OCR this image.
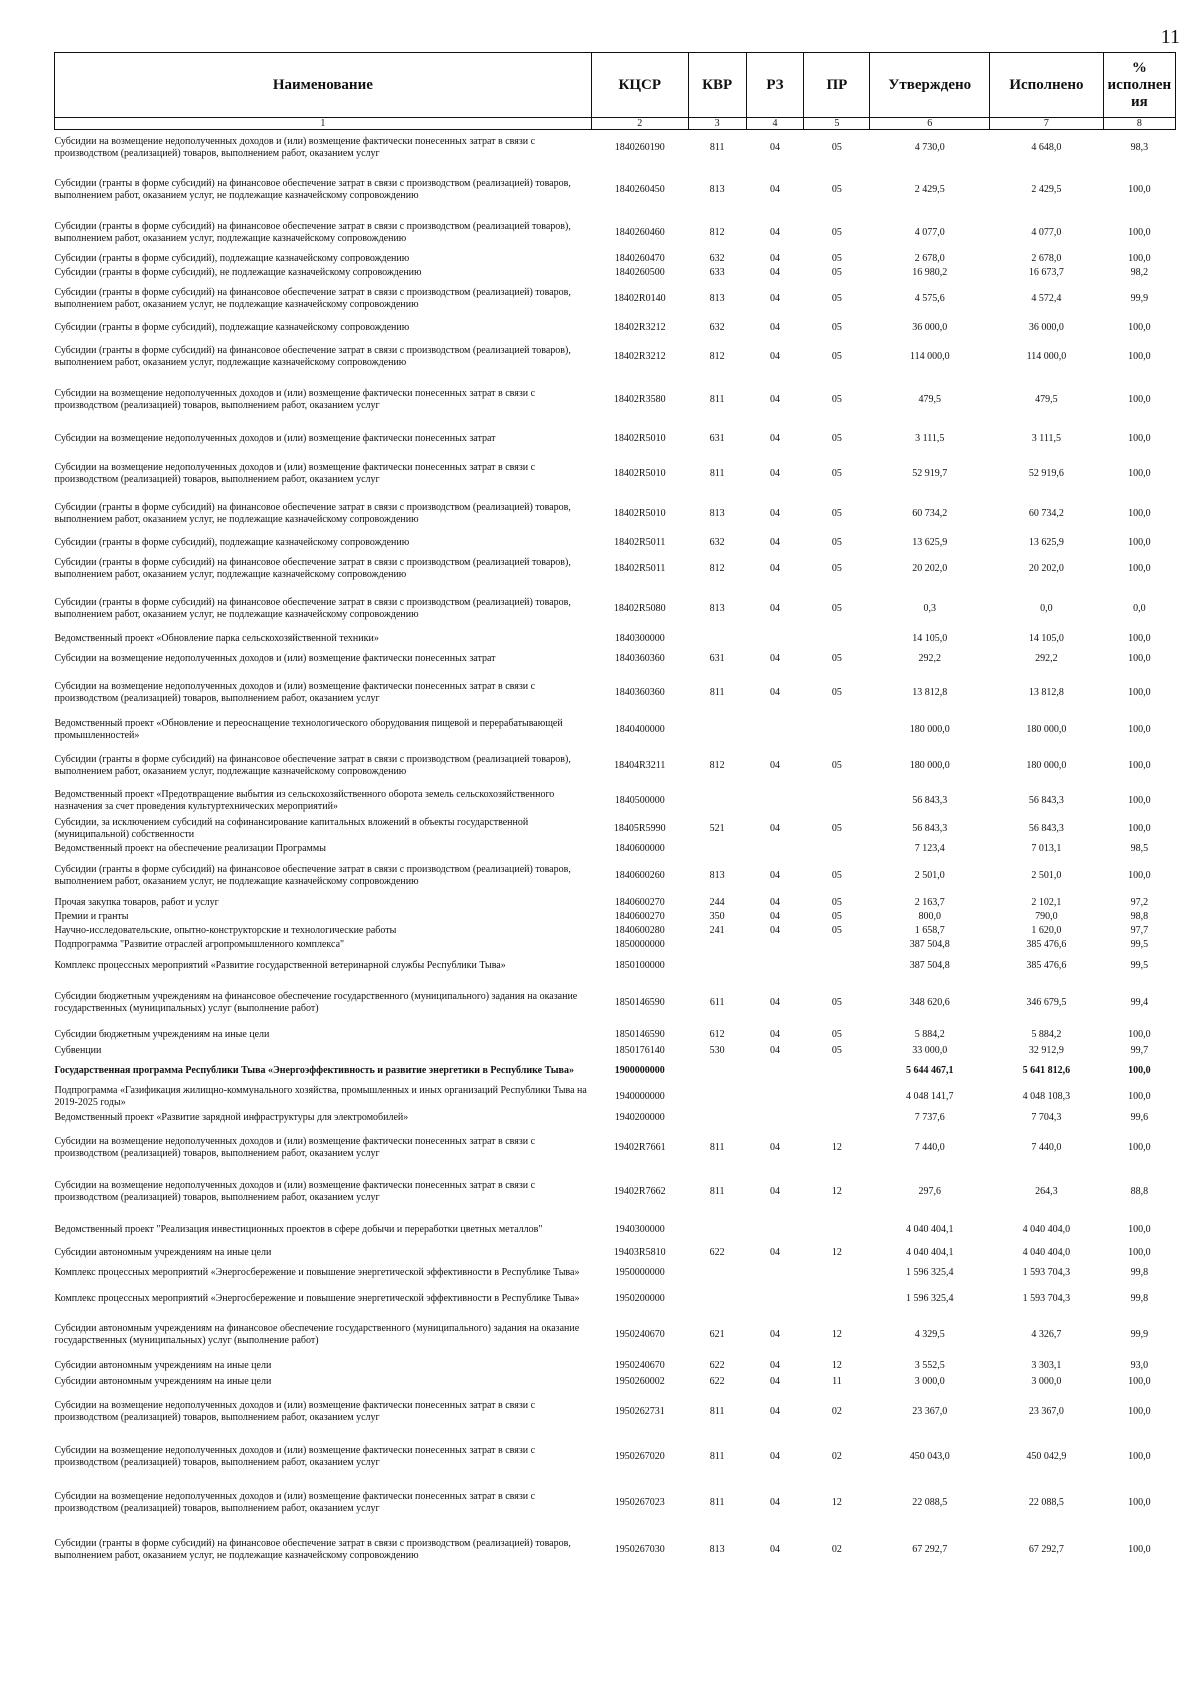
11
Наименование	КЦСР	КВР	РЗ	ПР	Утверждено	Исполнено	%
исполнен
ия
1	2	3	4	5	6	7	8
Субсидии на возмещение недополученных доходов и (или) возмещение фактически понесенных затрат в связи с производством (реализацией) товаров, выполнением работ, оказанием услуг	1840260190	811	04	05	4 730,0	4 648,0	98,3
Субсидии (гранты в форме субсидий) на финансовое обеспечение затрат в связи с производством (реализацией) товаров, выполнением работ, оказанием услуг, не подлежащие казначейскому сопровождению	1840260450	813	04	05	2 429,5	2 429,5	100,0
Субсидии (гранты в форме субсидий) на финансовое обеспечение затрат в связи с производством (реализацией товаров), выполнением работ, оказанием услуг, подлежащие казначейскому сопровождению	1840260460	812	04	05	4 077,0	4 077,0	100,0
Субсидии (гранты в форме субсидий), подлежащие казначейскому сопровождению	1840260470	632	04	05	2 678,0	2 678,0	100,0
Субсидии (гранты в форме субсидий), не подлежащие казначейскому сопровождению	1840260500	633	04	05	16 980,2	16 673,7	98,2
Субсидии (гранты в форме субсидий) на финансовое обеспечение затрат в связи с производством (реализацией) товаров, выполнением работ, оказанием услуг, не подлежащие казначейскому сопровождению	18402R0140	813	04	05	4 575,6	4 572,4	99,9
Субсидии (гранты в форме субсидий), подлежащие казначейскому сопровождению	18402R3212	632	04	05	36 000,0	36 000,0	100,0
Субсидии (гранты в форме субсидий) на финансовое обеспечение затрат в связи с производством (реализацией товаров), выполнением работ, оказанием услуг, подлежащие казначейскому сопровождению	18402R3212	812	04	05	114 000,0	114 000,0	100,0
Субсидии на возмещение недополученных доходов и (или) возмещение фактически понесенных затрат в связи с производством (реализацией) товаров, выполнением работ, оказанием услуг	18402R3580	811	04	05	479,5	479,5	100,0
Субсидии на возмещение недополученных доходов и (или) возмещение фактически понесенных затрат	18402R5010	631	04	05	3 111,5	3 111,5	100,0
Субсидии на возмещение недополученных доходов и (или) возмещение фактически понесенных затрат в связи с производством (реализацией) товаров, выполнением работ, оказанием услуг	18402R5010	811	04	05	52 919,7	52 919,6	100,0
Субсидии (гранты в форме субсидий) на финансовое обеспечение затрат в связи с производством (реализацией) товаров, выполнением работ, оказанием услуг, не подлежащие казначейскому сопровождению	18402R5010	813	04	05	60 734,2	60 734,2	100,0
Субсидии (гранты в форме субсидий), подлежащие казначейскому сопровождению	18402R5011	632	04	05	13 625,9	13 625,9	100,0
Субсидии (гранты в форме субсидий) на финансовое обеспечение затрат в связи с производством (реализацией товаров), выполнением работ, оказанием услуг, подлежащие казначейскому сопровождению	18402R5011	812	04	05	20 202,0	20 202,0	100,0
Субсидии (гранты в форме субсидий) на финансовое обеспечение затрат в связи с производством (реализацией) товаров, выполнением работ, оказанием услуг, не подлежащие казначейскому сопровождению	18402R5080	813	04	05	0,3	0,0	0,0
Ведомственный проект «Обновление парка сельскохозяйственной техники»	1840300000				14 105,0	14 105,0	100,0
Субсидии на возмещение недополученных доходов и (или) возмещение фактически понесенных затрат	1840360360	631	04	05	292,2	292,2	100,0
Субсидии на возмещение недополученных доходов и (или) возмещение фактически понесенных затрат в связи с производством (реализацией) товаров, выполнением работ, оказанием услуг	1840360360	811	04	05	13 812,8	13 812,8	100,0
Ведомственный проект «Обновление и переоснащение технологического оборудования пищевой и перерабатывающей промышленностей»	1840400000				180 000,0	180 000,0	100,0
Субсидии (гранты в форме субсидий) на финансовое обеспечение затрат в связи с производством (реализацией товаров), выполнением работ, оказанием услуг, подлежащие казначейскому сопровождению	18404R3211	812	04	05	180 000,0	180 000,0	100,0
Ведомственный проект «Предотвращение выбытия из сельскохозяйственного оборота земель сельскохозяйственного назначения за счет проведения культуртехнических мероприятий»	1840500000				56 843,3	56 843,3	100,0
Субсидии, за исключением субсидий на софинансирование капитальных вложений в объекты государственной (муниципальной) собственности	18405R5990	521	04	05	56 843,3	56 843,3	100,0
Ведомственный проект на обеспечение реализации Программы	1840600000				7 123,4	7 013,1	98,5
Субсидии (гранты в форме субсидий) на финансовое обеспечение затрат в связи с производством (реализацией) товаров, выполнением работ, оказанием услуг, не подлежащие казначейскому сопровождению	1840600260	813	04	05	2 501,0	2 501,0	100,0
Прочая закупка товаров, работ и услуг	1840600270	244	04	05	2 163,7	2 102,1	97,2
Премии и гранты	1840600270	350	04	05	800,0	790,0	98,8
Научно-исследовательские, опытно-конструкторские и технологические работы	1840600280	241	04	05	1 658,7	1 620,0	97,7
Подпрограмма "Развитие отраслей агропромышленного комплекса"	1850000000				387 504,8	385 476,6	99,5
Комплекс процессных мероприятий «Развитие государственной ветеринарной службы Республики Тыва»	1850100000				387 504,8	385 476,6	99,5
Субсидии бюджетным учреждениям на финансовое обеспечение государственного (муниципального) задания на оказание государственных (муниципальных) услуг (выполнение работ)	1850146590	611	04	05	348 620,6	346 679,5	99,4
Субсидии бюджетным учреждениям на иные цели	1850146590	612	04	05	5 884,2	5 884,2	100,0
Субвенции	1850176140	530	04	05	33 000,0	32 912,9	99,7
Государственная программа Республики Тыва «Энергоэффективность и развитие энергетики в Республике Тыва»	1900000000				5 644 467,1	5 641 812,6	100,0
Подпрограмма «Газификация жилищно-коммунального хозяйства, промышленных и иных организаций Республики Тыва на 2019-2025 годы»	1940000000				4 048 141,7	4 048 108,3	100,0
Ведомственный проект «Развитие зарядной инфраструктуры для электромобилей»	1940200000				7 737,6	7 704,3	99,6
Субсидии на возмещение недополученных доходов и (или) возмещение фактически понесенных затрат в связи с производством (реализацией) товаров, выполнением работ, оказанием услуг	19402R7661	811	04	12	7 440,0	7 440,0	100,0
Субсидии на возмещение недополученных доходов и (или) возмещение фактически понесенных затрат в связи с производством (реализацией) товаров, выполнением работ, оказанием услуг	19402R7662	811	04	12	297,6	264,3	88,8
Ведомственный проект "Реализация инвестиционных проектов в сфере добычи и переработки цветных металлов"	1940300000				4 040 404,1	4 040 404,0	100,0
Субсидии автономным учреждениям на иные цели	19403R5810	622	04	12	4 040 404,1	4 040 404,0	100,0
Комплекс процессных мероприятий «Энергосбережение и повышение энергетической эффективности в Республике Тыва»	1950000000				1 596 325,4	1 593 704,3	99,8
Комплекс процессных мероприятий «Энергосбережение и повышение энергетической эффективности в Республике Тыва»	1950200000				1 596 325,4	1 593 704,3	99,8
Субсидии автономным учреждениям на финансовое обеспечение государственного (муниципального) задания на оказание государственных (муниципальных) услуг (выполнение работ)	1950240670	621	04	12	4 329,5	4 326,7	99,9
Субсидии автономным учреждениям на иные цели	1950240670	622	04	12	3 552,5	3 303,1	93,0
Субсидии автономным учреждениям на иные цели	1950260002	622	04	11	3 000,0	3 000,0	100,0
Субсидии на возмещение недополученных доходов и (или) возмещение фактически понесенных затрат в связи с производством (реализацией) товаров, выполнением работ, оказанием услуг	1950262731	811	04	02	23 367,0	23 367,0	100,0
Субсидии на возмещение недополученных доходов и (или) возмещение фактически понесенных затрат в связи с производством (реализацией) товаров, выполнением работ, оказанием услуг	1950267020	811	04	02	450 043,0	450 042,9	100,0
Субсидии на возмещение недополученных доходов и (или) возмещение фактически понесенных затрат в связи с производством (реализацией) товаров, выполнением работ, оказанием услуг	1950267023	811	04	12	22 088,5	22 088,5	100,0
Субсидии (гранты в форме субсидий) на финансовое обеспечение затрат в связи с производством (реализацией) товаров, выполнением работ, оказанием услуг, не подлежащие казначейскому сопровождению	1950267030	813	04	02	67 292,7	67 292,7	100,0
